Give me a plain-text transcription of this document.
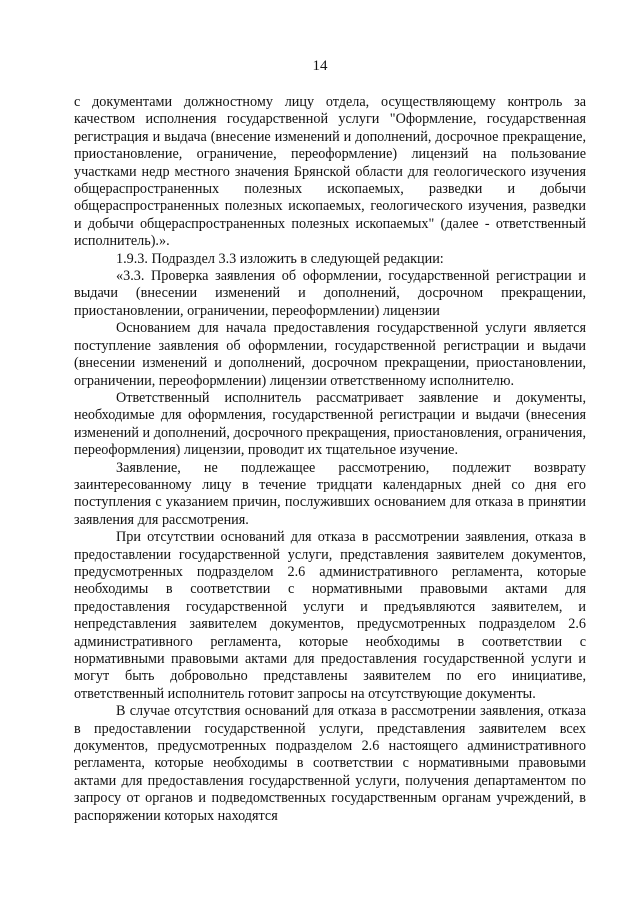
14

с документами должностному лицу отдела, осуществляющему контроль за качеством исполнения государственной услуги "Оформление, государственная регистрация и выдача (внесение изменений и дополнений, досрочное прекращение, приостановление, ограничение, переоформление) лицензий на пользование участками недр местного значения Брянской области для геологического изучения общераспространенных полезных ископаемых, разведки и добычи общераспространенных полезных ископаемых, геологического изучения, разведки и добычи общераспространенных полезных ископаемых" (далее - ответственный исполнитель).».

1.9.3. Подраздел 3.3 изложить в следующей редакции:

«3.3. Проверка заявления об оформлении, государственной регистрации и выдачи (внесении изменений и дополнений, досрочном прекращении, приостановлении, ограничении, переоформлении) лицензии

Основанием для начала предоставления государственной услуги является поступление заявления об оформлении, государственной регистрации и выдачи (внесении изменений и дополнений, досрочном прекращении, приостановлении, ограничении, переоформлении) лицензии ответственному исполнителю.

Ответственный исполнитель рассматривает заявление и документы, необходимые для оформления, государственной регистрации и выдачи (внесения изменений и дополнений, досрочного прекращения, приостановления, ограничения, переоформления) лицензии, проводит их тщательное изучение.

Заявление, не подлежащее рассмотрению, подлежит возврату заинтересованному лицу в течение тридцати календарных дней со дня его поступления с указанием причин, послуживших основанием для отказа в принятии заявления для рассмотрения.

При отсутствии оснований для отказа в рассмотрении заявления, отказа в предоставлении государственной услуги, представления заявителем документов, предусмотренных подразделом 2.6 административного регламента, которые необходимы в соответствии с нормативными правовыми актами для предоставления государственной услуги и предъявляются заявителем, и непредставления заявителем документов, предусмотренных подразделом 2.6 административного регламента, которые необходимы в соответствии с нормативными правовыми актами для предоставления государственной услуги и могут быть добровольно представлены заявителем по его инициативе, ответственный исполнитель готовит запросы на отсутствующие документы.

В случае отсутствия оснований для отказа в рассмотрении заявления, отказа в предоставлении государственной услуги, представления заявителем всех документов, предусмотренных подразделом 2.6 настоящего административного регламента, которые необходимы в соответствии с нормативными правовыми актами для предоставления государственной услуги, получения департаментом по запросу от органов и подведомственных государственным органам учреждений, в распоряжении которых находятся
